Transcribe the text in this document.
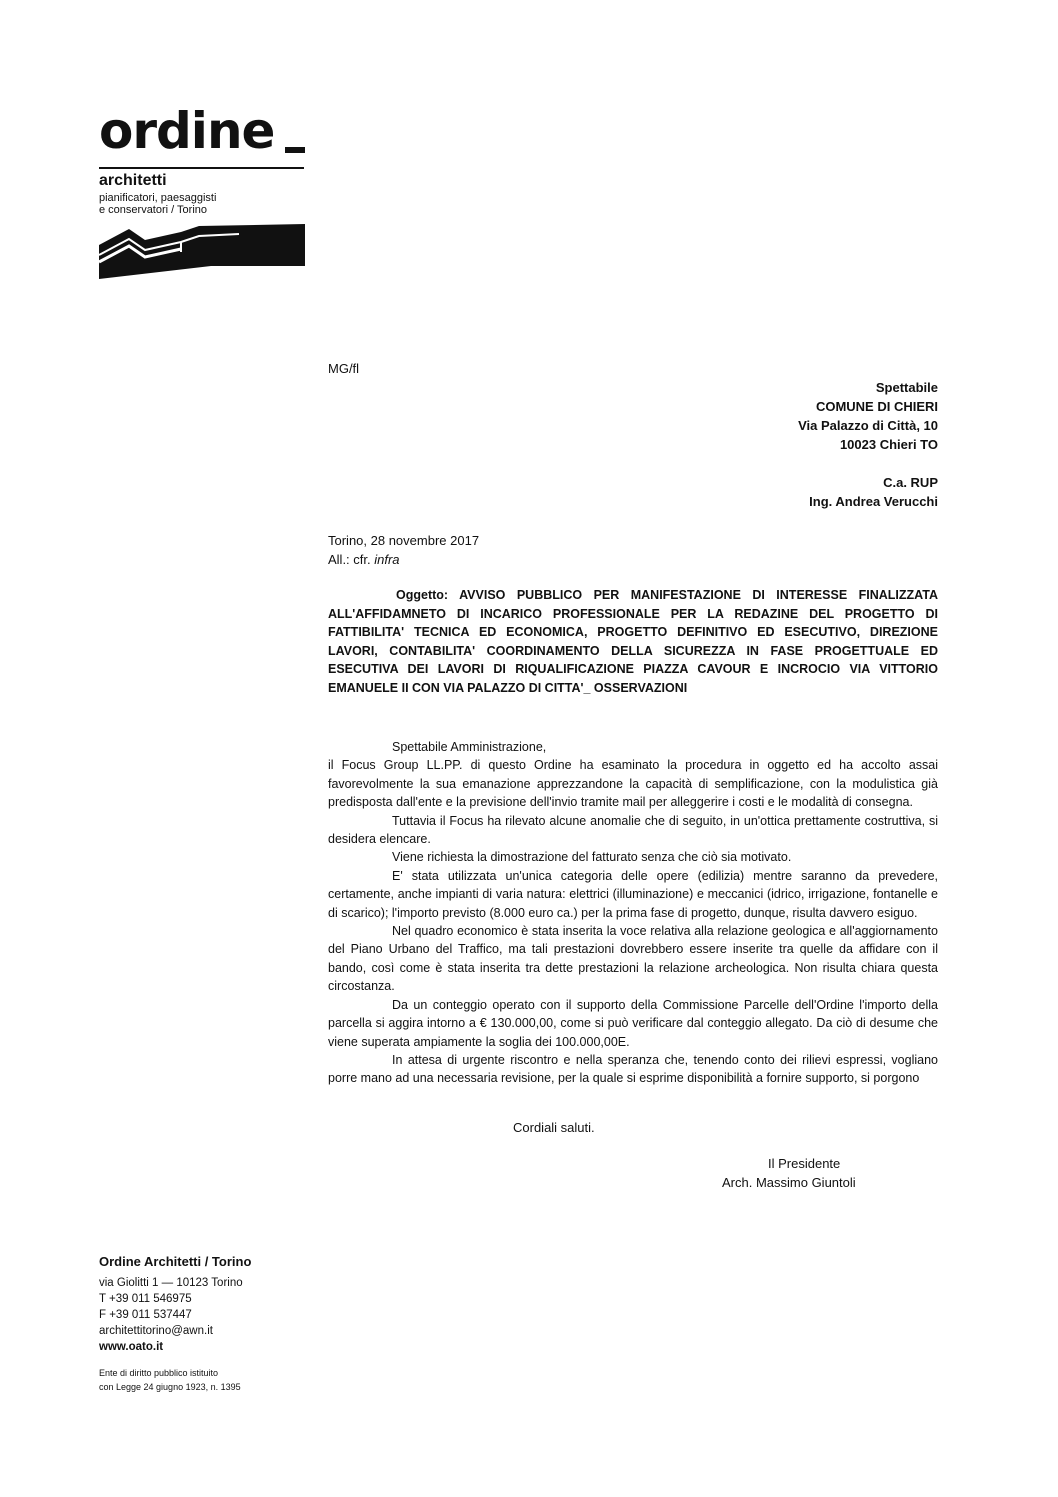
ordine
architetti
pianificatori, paesaggisti
e conservatori / Torino
MG/fl
Spettabile
COMUNE DI CHIERI
Via Palazzo di Città, 10
10023 Chieri TO
C.a. RUP
Ing. Andrea Verucchi
Torino, 28 novembre 2017
All.: cfr. infra
Oggetto: AVVISO PUBBLICO PER MANIFESTAZIONE DI INTERESSE FINALIZZATA ALL'AFFIDAMNETO DI INCARICO PROFESSIONALE PER LA REDAZINE DEL PROGETTO DI FATTIBILITA' TECNICA ED ECONOMICA, PROGETTO DEFINITIVO ED ESECUTIVO, DIREZIONE LAVORI, CONTABILITA' COORDINAMENTO DELLA SICUREZZA IN FASE PROGETTUALE ED ESECUTIVA DEI LAVORI DI RIQUALIFICAZIONE PIAZZA CAVOUR E INCROCIO VIA VITTORIO EMANUELE II CON VIA PALAZZO DI CITTA'_ OSSERVAZIONI

Spettabile Amministrazione,

il Focus Group LL.PP. di questo Ordine ha esaminato la procedura in oggetto ed ha accolto assai favorevolmente la sua emanazione apprezzandone la capacità di semplificazione, con la modulistica già predisposta dall'ente e la previsione dell'invio tramite mail per alleggerire i costi e le modalità di consegna.

Tuttavia il Focus ha rilevato alcune anomalie che di seguito, in un'ottica prettamente costruttiva, si desidera elencare.

Viene richiesta la dimostrazione del fatturato senza che ciò sia motivato.

E' stata utilizzata un'unica categoria delle opere (edilizia) mentre saranno da prevedere, certamente, anche impianti di varia natura: elettrici (illuminazione) e meccanici (idrico, irrigazione, fontanelle e di scarico); l'importo previsto (8.000 euro ca.) per la prima fase di progetto, dunque, risulta davvero esiguo.

Nel quadro economico è stata inserita la voce relativa alla relazione geologica e all'aggiornamento del Piano Urbano del Traffico, ma tali prestazioni dovrebbero essere inserite tra quelle da affidare con il bando, così come è stata inserita tra dette prestazioni la relazione archeologica. Non risulta chiara questa circostanza.

Da un conteggio operato con il supporto della Commissione Parcelle dell'Ordine l'importo della parcella si aggira intorno a € 130.000,00, come si può verificare dal conteggio allegato. Da ciò di desume che viene superata ampiamente la soglia dei 100.000,00E.

In attesa di urgente riscontro e nella speranza che, tenendo conto dei rilievi espressi, vogliano porre mano ad una necessaria revisione, per la quale si esprime disponibilità a fornire supporto, si porgono

Cordiali saluti.
Il Presidente
Arch. Massimo Giuntoli
Ordine Architetti / Torino
via Giolitti 1 — 10123 Torino
T +39 011 546975
F +39 011 537447
architettitorino@awn.it
www.oato.it
Ente di diritto pubblico istituito
con Legge 24 giugno 1923, n. 1395
